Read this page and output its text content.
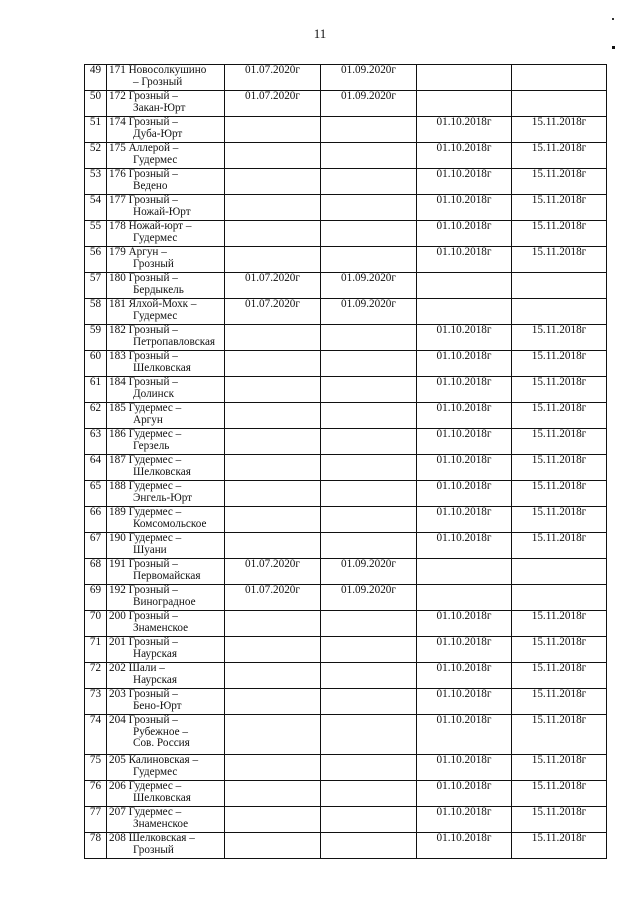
11
49	171 Новосолкушино
– Грозный	01.07.2020г	01.09.2020г		
50	172 Грозный –
Закан-Юрт	01.07.2020г	01.09.2020г		
51	174 Грозный –
Дуба-Юрт			01.10.2018г	15.11.2018г
52	175 Аллерой –
Гудермес			01.10.2018г	15.11.2018г
53	176 Грозный –
Ведено			01.10.2018г	15.11.2018г
54	177 Грозный –
Ножай-Юрт			01.10.2018г	15.11.2018г
55	178 Ножай-юрт –
Гудермес			01.10.2018г	15.11.2018г
56	179 Аргун –
Грозный			01.10.2018г	15.11.2018г
57	180 Грозный –
Бердыкель	01.07.2020г	01.09.2020г		
58	181 Ялхой-Мохк –
Гудермес	01.07.2020г	01.09.2020г		
59	182 Грозный –
Петропавловская			01.10.2018г	15.11.2018г
60	183 Грозный –
Шелковская			01.10.2018г	15.11.2018г
61	184 Грозный –
Долинск			01.10.2018г	15.11.2018г
62	185 Гудермес –
Аргун			01.10.2018г	15.11.2018г
63	186 Гудермес –
Герзель			01.10.2018г	15.11.2018г
64	187 Гудермес –
Шелковская			01.10.2018г	15.11.2018г
65	188 Гудермес –
Энгель-Юрт			01.10.2018г	15.11.2018г
66	189 Гудермес –
Комсомольское			01.10.2018г	15.11.2018г
67	190 Гудермес –
Шуани			01.10.2018г	15.11.2018г
68	191 Грозный –
Первомайская	01.07.2020г	01.09.2020г		
69	192 Грозный –
Виноградное	01.07.2020г	01.09.2020г		
70	200 Грозный –
Знаменское			01.10.2018г	15.11.2018г
71	201 Грозный –
Наурская			01.10.2018г	15.11.2018г
72	202 Шали –
Наурская			01.10.2018г	15.11.2018г
73	203 Грозный –
Бено-Юрт			01.10.2018г	15.11.2018г
74	204 Грозный –
Рубежное –
Сов. Россия			01.10.2018г	15.11.2018г
75	205 Калиновская –
Гудермес			01.10.2018г	15.11.2018г
76	206 Гудермес –
Шелковская			01.10.2018г	15.11.2018г
77	207 Гудермес –
Знаменское			01.10.2018г	15.11.2018г
78	208 Шелковская –
Грозный			01.10.2018г	15.11.2018г
